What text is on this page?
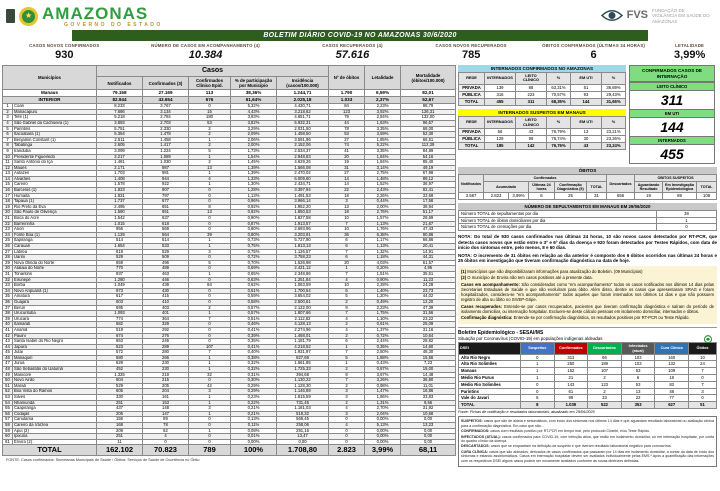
★
AMAZONAS
GOVERNO DO ESTADO
FVS FUNDAÇÃO DE VIGILÂNCIA EM SAÚDE DO AMAZONAS
BOLETIM DIÁRIO COVID-19 NO AMAZONAS 30/6/2020
CASOS NOVOS CONFIRMADOS
930
NÚMERO DE CASOS EM ACOMPANHAMENTO (4)
10.384
CASOS RECUPERADOS (4)
57.616
CASOS NOVOS RECUPERADOS
785
ÓBITOS CONFIRMADOS (ÚLTIMAS 24 HORAS)
6
LETALIDADE
3,99%
Municípios		Casos					Nº de óbitos	Letalidade	Mortalidade (óbitos/100.000)
		Notificados	Confirmados (3)	Confirmados Clínico Epid.	% de participação por Município	Incidência (casos/100.000)			
Manaus		79.158	27.169	113	38,36%	1.244,71	1.790	6,59%	82,01
INTERIOR		82.944	43.654	676	61,64%	2.025,18	1.033	2,37%	52,67
1	Coari	8.233	3.767	0	5,32%	4.430,71	84	2,23%	98,79
2	Manacapuru	7.686	3.134	15	4,43%	3.218,62	123	3,92%	126,31
3	Tefé (1)	5.218	2.784	180	3,93%	4.651,71	79	2,84%	132,00
4	São Gabriel da Cachoeira (1)	3.893	2.703	53	3,82%	5.932,31	44	1,63%	96,57
5	Parintins	5.751	2.330	2	3,29%	2.031,50	78	3,35%	68,00
6	Itacoatiara (1)	5.354	1.478	2	2,09%	1.458,50	53	3,59%	52,30
7	Benjamin Constant (1)	2.511	1.458	1	2,06%	3.591,96	27	1,85%	66,51
8	Tabatinga	2.605	1.417	2	2,00%	2.152,06	74	5,22%	112,39
9	Iranduba	3.099	1.224	5	1,73%	2.534,37	41	3,35%	84,89
10	Presidente Figueiredo	3.217	1.089	1	1,54%	2.948,63	20	1,84%	54,16
11	Santo Antônio do Içá	1.481	1.030	2	1,45%	4.629,26	19	1,84%	85,40
12	Maués	2.171	987	13	1,39%	1.566,08	31	3,14%	49,19
13	Autazes	1.703	981	1	1,39%	2.470,02	27	2,75%	67,98
14	Alvarães	1.408	944	4	1,33%	6.009,60	14	1,48%	89,12
15	Careiro	1.578	922	1	1,30%	2.434,71	14	1,52%	36,97
16	Barcelos (1)	1.823	907	0	1,28%	3.397,94	22	2,43%	82,41
17	Humaitá	1.831	797	0	1,13%	1.491,53	18	2,26%	33,68
18	Tapauá (1)	1.737	677	0	0,96%	3.966,14	3	0,44%	17,58
19	Rio Preto da Eva	2.495	651	8	0,92%	1.952,20	13	2,00%	38,94
20	São Paulo de Olivença	1.580	651	13	0,92%	1.850,53	18	2,76%	51,17
21	Boca do Acre	1.542	637	0	0,90%	1.827,58	10	1,57%	28,69
22	Barreirinha	1.015	618	0	0,87%	1.913,57	7	1,13%	21,67
23	Anori	956	568	0	0,80%	2.693,96	10	1,76%	47,43
24	Fonte Boa (1)	1.129	564	39	0,80%	3.203,91	36	6,38%	90,86
25	Itapiranga	514	514	1	0,73%	5.727,90	6	1,17%	66,86
26	Carauari	1.654	533	1	0,75%	1.813,13	6	1,13%	20,41
27	Lábrea	619	529	3	0,75%	1.126,57	7	1,32%	14,91
28	Uarini	529	509	0	0,72%	3.758,23	6	1,18%	44,31
29	Nova Olinda do Norte	659	496	5	0,70%	1.526,98	20	4,03%	61,57
30	Atalaia do Norte	770	489	0	0,69%	2.421,12	1	0,20%	4,95
31	Tonantins	937	463	1	0,65%	2.348,86	7	1,51%	35,51
32	Eirunepé	1.280	446	0	0,63%	1.251,84	4	0,90%	11,23
33	Borba	1.049	438	84	0,62%	1.063,59	10	2,28%	24,28
34	Novo Aripuanã (1)	973	430	0	0,61%	1.700,54	6	1,40%	23,73
35	Amaturá	617	415	0	0,59%	3.654,02	5	1,20%	44,02
36	Guajará	603	410	0	0,58%	2.500,61	2	0,49%	12,20
37	Beruri	695	403	2	0,57%	2.122,00	9	2,23%	47,39
38	Urucurituba	1.093	401	1	0,57%	1.807,66	7	1,75%	31,56
39	Urucará	774	364	7	0,51%	2.112,82	4	1,10%	23,22
40	Itamarati	582	329	0	0,46%	4.128,13	2	0,61%	25,09
41	Anamã	519	292	0	0,41%	2.274,96	4	1,37%	31,16
42	Pauini	674	276	0	0,39%	1.468,01	2	0,72%	10,64
43	Santa Isabel do Rio Negro	653	246	0	0,35%	1.181,79	6	2,44%	28,82
44	Japurá	523	289	107	0,41%	4.218,52	1	0,35%	14,60
45	Jutaí	572	280	7	0,40%	1.931,97	7	2,50%	48,30
46	Manaquiri	580	266	1	0,38%	827,69	5	1,88%	15,56
47	Juruá	629	230	1	0,32%	1.661,85	1	0,43%	7,23
48	São Sebastião do Uatumã	452	230	1	0,32%	1.725,33	2	0,87%	15,00
49	Manicoré	1.325	218	32	0,31%	394,68	8	3,67%	14,48
50	Novo Airão	604	215	0	0,30%	1.130,22	7	3,26%	36,80
51	Maraã	529	205	42	0,29%	1.128,30	2	0,98%	11,01
52	Boa Vista do Ramos	605	204	3	0,29%	1.146,69	3	1,47%	16,86
53	Silves	330	161	1	0,23%	1.815,59	3	1,86%	33,83
54	Nhamundá	251	153	1	0,22%	731,45	2	1,31%	9,56
55	Caapiranga	437	148	3	0,21%	1.181,03	4	2,70%	31,92
56	Codajás	206	147	1	0,21%	519,32	3	2,04%	10,68
57	Canutama	156	89	0	0,13%	569,45	0	0,00%	0,00
58	Careiro da Várzea	168	78	0	0,11%	258,06	4	5,13%	13,23
59	Apuí (2)	209	62	1	0,08%	291,16	0	0,00%	0,00
60	Ipixuna	251	4	0	0,01%	13,47	0	0,00%	0,00
61	Envira (2)	11	0	0	0,00%	0,00	0	0,00%	0,00
TOTAL		162.102	70.823	789	100%	1.708,80	2.823	3,99%	68,11
FONTE: Casos confirmados: Secretarias Municipais de Saúde / Óbitos: Serviços de Saúde de Ocorrência no Óbito
INTERNADOS CONFIRMADOS NO AMAZONAS
REDE	INTERNADOS	LEITO CLÍNICO	%	EM UTI	%
PRIVADA	139	88	63,31%	51	36,69%
PÚBLICA	316	223	70,57%	93	29,43%
TOTAL	455	311	68,35%	144	31,65%
INTERNADOS SUSPEITOS EM MANAUS
REDE	INTERNADOS	LEITO CLÍNICO	%	EM UTI	%
PRIVADA	56	43	76,79%	13	23,21%
PÚBLICA	129	99	76,74%	30	23,26%
TOTAL	185	142	76,76%	43	23,24%
CONFIRMADOS CASOS DE INTERNAÇÃO
LEITO CLÍNICO
311
EM UTI
144
INTERNADOS
455
ÓBITOS
Notificados	Confirmados					Descartados	ÓBITOS SUSPEITOS		
	Acumulado		Últimas 24 horas	Confirmação Diagnóstica (5)	TOTAL		Aguardando Resultado	Em Investigação Epidemiológica	TOTAL
3.587	2.823	3,99%	6	25	31	656	19	89	108
NÚMERO DE SEPULTAMENTOS EM MANAUS EM 29/06/2020
Número TOTAL de sepultamentos por dia	38
Número TOTAL de óbitos domiciliares por dia	1
Número TOTAL de cremações por dia	0
NOTA: Do total de 930 casos confirmados nas últimas 24 horas, 10 são novos casos detectados por RT-PCR, que detecta casos novos que estão entre o 3º e 6º dias da doença e 920 foram detectados por Testes Rápidos, com data de início dos sintomas entre, pelo menos, 8 e 60 dias.
NOTA: O incremento de 31 óbitos em relação ao dia anterior é composto dos 6 óbitos ocorridos nas últimas 24 horas e 25 óbitos em investigação que tiveram confirmação diagnóstica na data de hoje.
(1) Municípios que não disponibilizaram informações para atualização do Boletim. (09 Municípios)
(2) O município de Envira não tem casos positivos até a presente data.
Casos em acompanhamento: São considerados como "em acompanhamento" todos os casos notificados nos últimos 14 dias pelas Secretarias Estaduais de Saúde e que não evoluíram para óbito. Além disso, dentre os casos que apresentaram SRAG e foram hospitalizados, considera-se "em acompanhamento" todos aqueles que foram internados nos últimos 14 dias e que não possuem registro de alta ou óbito no SIVEP-Gripe.
Casos recuperados: Entende-se por casos recuperados, pacientes que tiveram confirmação diagnóstica e saíram do período de isolamento domiciliar, ou internação hospitalar. Excluem-se deste cálculo pessoas em isolamento domiciliar, internados e óbitos.
Confirmação diagnóstica: Entende-se por confirmação diagnóstica, os resultados positivos por RT-PCR ou Teste Rápido.
Boletim Epidemiológico - SESAI/MS
Situação por Coronavírus (COVID-19) em populações indígenas aldeadas
DSEI	Suspeitos	Confirmados	Descartados	Infectados (atual)	Cura Clínica	Óbitos
Alto Rio Negro	0	313	66	103	160	10
Alto Rio Solimões	1	250	189	103	132	24
Manaus	1	152	107	53	109	7
Médio Rio Purus	1	21	2	6	18	0
Médio Rio Solimões	0	143	123	53	83	7
Parintins	0	61	2	13	48	3
Vale do Javari	5	99	33	22	77	0
TOTAL	8	1.039	522	353	627	51
Fonte: Fichas de notificação e resultados laboratoriais, atualizado em 29/06/2020
SUSPEITOS: casos que são de aldeia e sintomáticos, com início dos sintomas nos últimos 14 dias e que aguardam resultado laboratorial ou avaliação clínica para a confirmação diagnóstica. Em caso que não...
CONFIRMADOS: casos com resultado positivo por RT-PCR em tempo real, pelo protocolo Charité, e/ou Teste Rápido.
INFECTADOS (ATUAL): casos confirmados para COVID-19, com infecção ativa, que estão em isolamento domiciliar, ou em internação hospitalar, por conta do quadro clínico da doença.
DESCARTADOS: casos que se enquadram na definição de suspeito e que tiveram resultado laboratorial negativo para coronavírus.
CURA CLÍNICA: casos que são aldeados, derivados de casos confirmados que passaram por 14 dias em isolamento domiciliar, a contar da data de início dos sintomas e estando assintomáticos. Casos em internação hospitalar devem ser avaliados individualmente pelas EMS.* Após a quantificação das informações com os respectivos DSEI alguns casos podem ser novamente avaliados conforme as novas diretrizes definidas.
